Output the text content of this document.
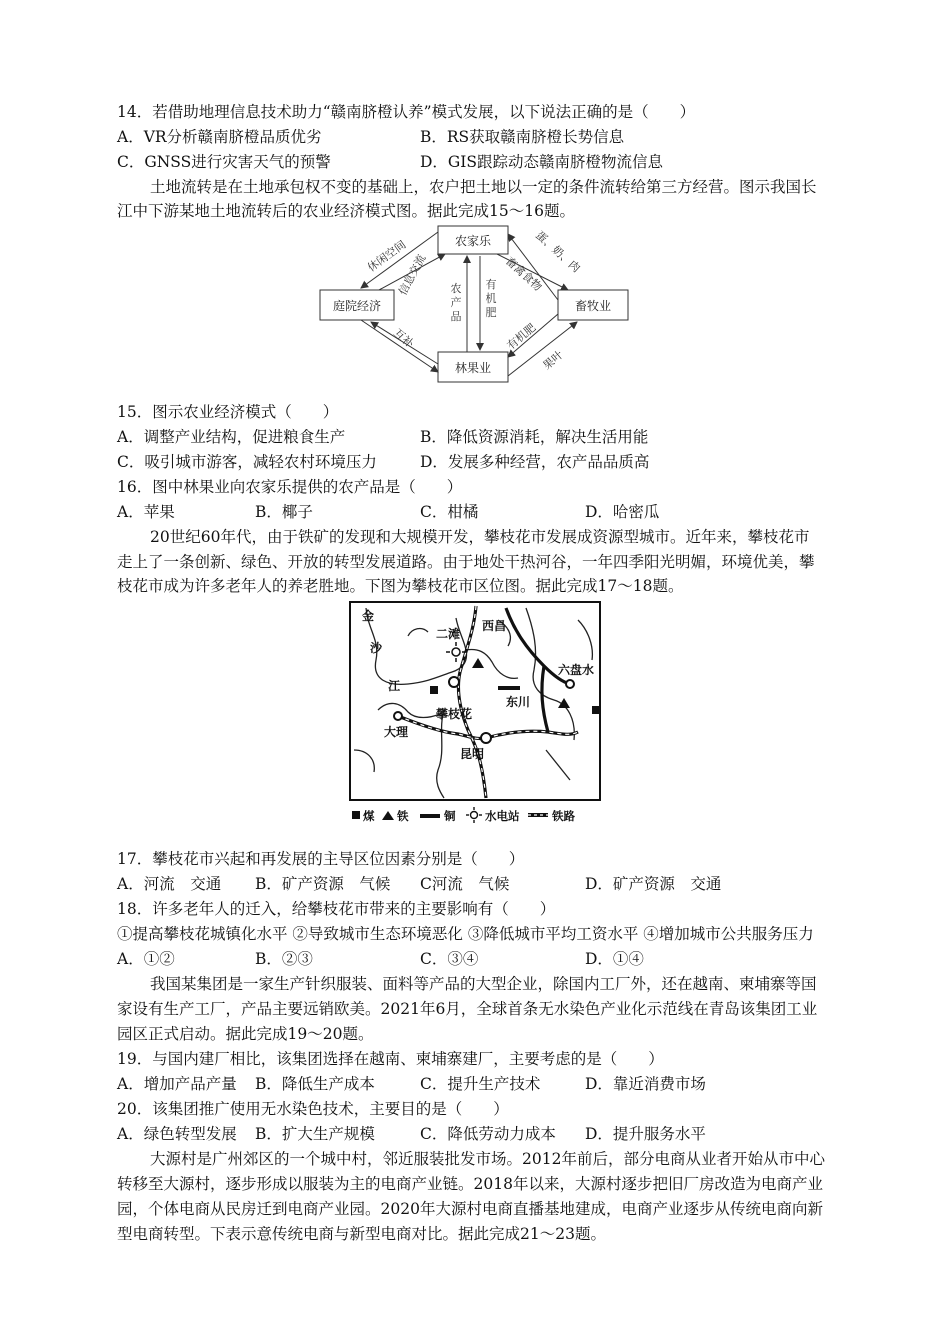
14．若借助地理信息技术助力“赣南脐橙认养”模式发展，以下说法正确的是（　　）
A．VR分析赣南脐橙品质优劣	B．RS获取赣南脐橙长势信息
C．GNSS进行灾害天气的预警	D．GIS跟踪动态赣南脐橙物流信息
土地流转是在土地承包权不变的基础上，农户把土地以一定的条件流转给第三方经营。图示我国长
江中下游某地土地流转后的农业经济模式图。据此完成15～16题。
农家乐
庭院经济	畜牧业
林果业
休闲空间
信息交流	蛋、奶、肉
畜禽食物
互补	有机肥
果叶
农产品
有机肥
15．图示农业经济模式（　　）
A．调整产业结构，促进粮食生产	B．降低资源消耗，解决生活用能
C．吸引城市游客，减轻农村环境压力	D．发展多种经营，农产品品质高
16．图中林果业向农家乐提供的农产品是（　　）
A．苹果	B．椰子	C．柑橘	D．哈密瓜
20世纪60年代，由于铁矿的发现和大规模开发，攀枝花市发展成资源型城市。近年来，攀枝花市
走上了一条创新、绿色、开放的转型发展道路。由于地处干热河谷，一年四季阳光明媚，环境优美，攀
枝花市成为许多老年人的养老胜地。下图为攀枝花市区位图。据此完成17～18题。
金
沙
江
二滩
西昌
六盘水
东川
攀枝花
大理
昆明
煤 铁	铜	水电站	铁路
17．攀枝花市兴起和再发展的主导区位因素分别是（　　）
A．河流　交通 B．矿产资源　气候 C河流　气候	D．矿产资源　交通
18．许多老年人的迁入，给攀枝花市带来的主要影响有（　　）
①提高攀枝花城镇化水平 ②导致城市生态环境恶化 ③降低城市平均工资水平 ④增加城市公共服务压力
A．①②	B．②③	C．③④	D．①④
我国某集团是一家生产针织服装、面料等产品的大型企业，除国内工厂外，还在越南、柬埔寨等国
家设有生产工厂，产品主要远销欧美。2021年6月，全球首条无水染色产业化示范线在青岛该集团工业
园区正式启动。据此完成19～20题。
19．与国内建厂相比，该集团选择在越南、柬埔寨建厂，主要考虑的是（　　）
A．增加产品产量 B．降低生产成本	C．提升生产技术	D．靠近消费市场
20．该集团推广使用无水染色技术，主要目的是（　　）
A．绿色转型发展 B．扩大生产规模	C．降低劳动力成本 D．提升服务水平
大源村是广州郊区的一个城中村，邻近服装批发市场。2012年前后，部分电商从业者开始从市中心
转移至大源村，逐步形成以服装为主的电商产业链。2018年以来，大源村逐步把旧厂房改造为电商产业
园，个体电商从民房迁到电商产业园。2020年大源村电商直播基地建成，电商产业逐步从传统电商向新
型电商转型。下表示意传统电商与新型电商对比。据此完成21～23题。
